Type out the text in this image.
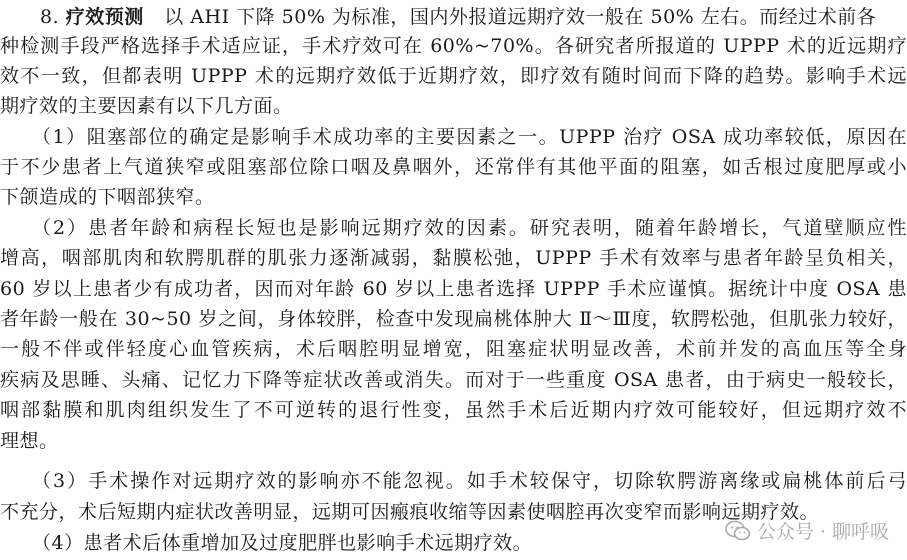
8. 疗效预测 以 AHI 下降 50% 为标准，国内外报道远期疗效一般在 50% 左右。而经过术前各
种检测手段严格选择手术适应证，手术疗效可在 60%~70%。各研究者所报道的 UPPP 术的近远期疗
效不一致，但都表明 UPPP 术的远期疗效低于近期疗效，即疗效有随时间而下降的趋势。影响手术远
期疗效的主要因素有以下几方面。
（1）阻塞部位的确定是影响手术成功率的主要因素之一。UPPP 治疗 OSA 成功率较低，原因在
于不少患者上气道狭窄或阻塞部位除口咽及鼻咽外，还常伴有其他平面的阻塞，如舌根过度肥厚或小
下颌造成的下咽部狭窄。
（2）患者年龄和病程长短也是影响远期疗效的因素。研究表明，随着年龄增长，气道壁顺应性
增高，咽部肌肉和软腭肌群的肌张力逐渐减弱，黏膜松弛，UPPP 手术有效率与患者年龄呈负相关，
60 岁以上患者少有成功者，因而对年龄 60 岁以上患者选择 UPPP 手术应谨慎。据统计中度 OSA 患
者年龄一般在 30~50 岁之间，身体较胖，检查中发现扁桃体肿大 Ⅱ～Ⅲ度，软腭松弛，但肌张力较好，
一般不伴或伴轻度心血管疾病，术后咽腔明显增宽，阻塞症状明显改善，术前并发的高血压等全身
疾病及思睡、头痛、记忆力下降等症状改善或消失。而对于一些重度 OSA 患者，由于病史一般较长，
咽部黏膜和肌肉组织发生了不可逆转的退行性变，虽然手术后近期内疗效可能较好，但远期疗效不
理想。
（3）手术操作对远期疗效的影响亦不能忽视。如手术较保守，切除软腭游离缘或扁桃体前后弓
不充分，术后短期内症状改善明显，远期可因瘢痕收缩等因素使咽腔再次变窄而影响远期疗效。
（4）患者术后体重增加及过度肥胖也影响手术远期疗效。	公众号 · 聊呼吸
